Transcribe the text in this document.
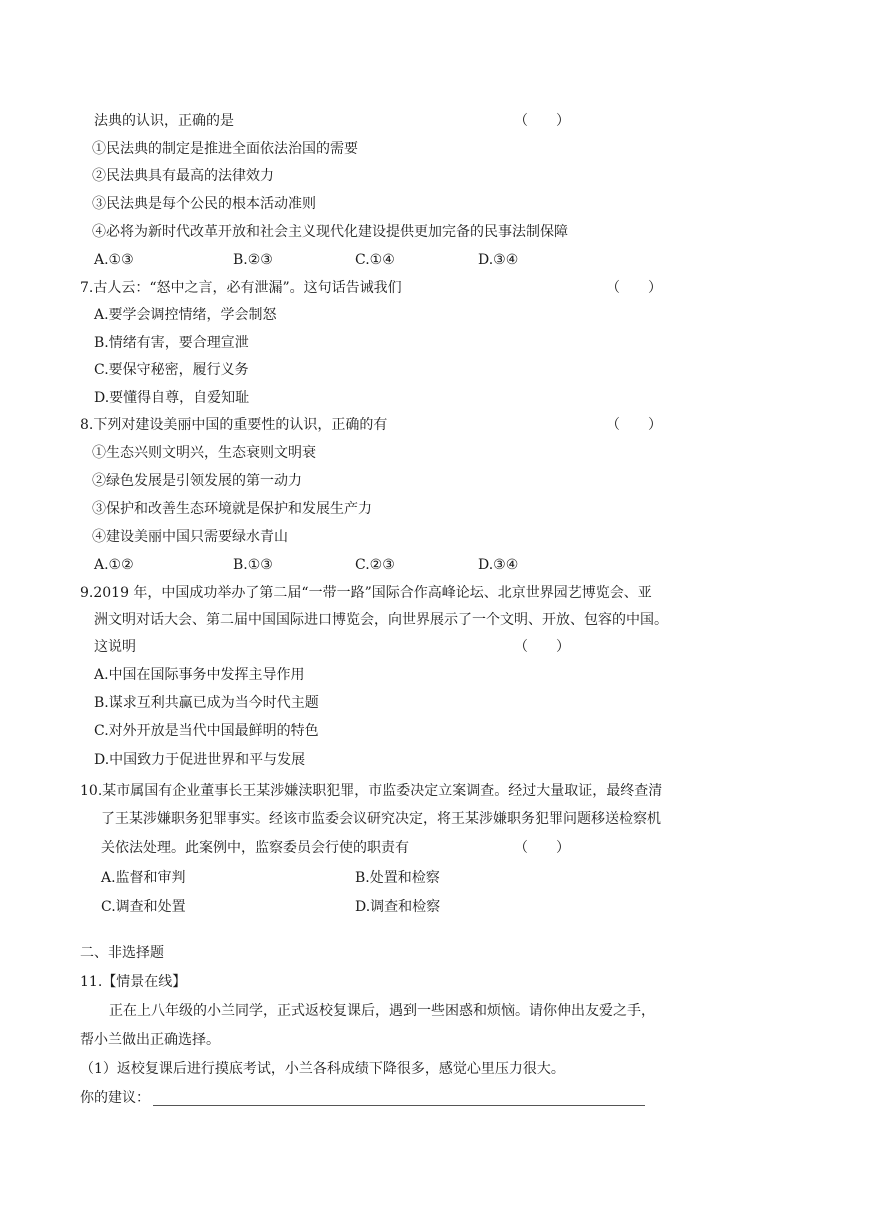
法典的认识，正确的是	（　　）
①民法典的制定是推进全面依法治国的需要
②民法典具有最高的法律效力
③民法典是每个公民的根本活动准则
④必将为新时代改革开放和社会主义现代化建设提供更加完备的民事法制保障
A.①③	B.②③	C.①④	D.③④
7.古人云：“怒中之言，必有泄漏”。这句话告诫我们	（　　）
A.要学会调控情绪，学会制怒
B.情绪有害，要合理宣泄
C.要保守秘密，履行义务
D.要懂得自尊，自爱知耻
8.下列对建设美丽中国的重要性的认识，正确的有	（　　）
①生态兴则文明兴，生态衰则文明衰
②绿色发展是引领发展的第一动力
③保护和改善生态环境就是保护和发展生产力
④建设美丽中国只需要绿水青山
A.①②	B.①③	C.②③	D.③④
9.2019 年，中国成功举办了第二届“一带一路”国际合作高峰论坛、北京世界园艺博览会、亚
洲文明对话大会、第二届中国国际进口博览会，向世界展示了一个文明、开放、包容的中国。
这说明	（　　）
A.中国在国际事务中发挥主导作用
B.谋求互利共赢已成为当今时代主题
C.对外开放是当代中国最鲜明的特色
D.中国致力于促进世界和平与发展
10.某市属国有企业董事长王某涉嫌渎职犯罪，市监委决定立案调查。经过大量取证，最终查清
了王某涉嫌职务犯罪事实。经该市监委会议研究决定，将王某涉嫌职务犯罪问题移送检察机
关依法处理。此案例中，监察委员会行使的职责有	（　　）
A.监督和审判	B.处置和检察
C.调查和处置	D.调查和检察
二、非选择题
11.【情景在线】
正在上八年级的小兰同学，正式返校复课后，遇到一些困惑和烦恼。请你伸出友爱之手，
帮小兰做出正确选择。
（1）返校复课后进行摸底考试，小兰各科成绩下降很多，感觉心里压力很大。
你的建议：
